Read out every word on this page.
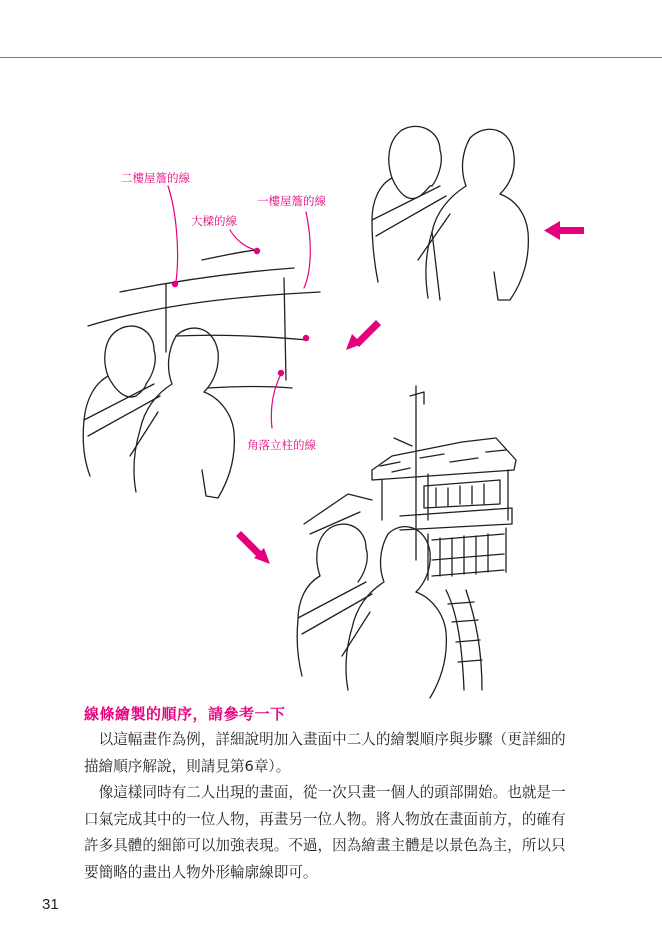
二樓屋簷的線
大樑的線
一樓屋簷的線
角落立柱的線
線條繪製的順序，請參考一下

以這幅畫作為例，詳細說明加入畫面中二人的繪製順序與步驟（更詳細的描繪順序解說，則請見第6章）。

像這樣同時有二人出現的畫面，從一次只畫一個人的頭部開始。也就是一口氣完成其中的一位人物，再畫另一位人物。將人物放在畫面前方，的確有許多具體的細節可以加強表現。不過，因為繪畫主體是以景色為主，所以只要簡略的畫出人物外形輪廓線即可。

31
